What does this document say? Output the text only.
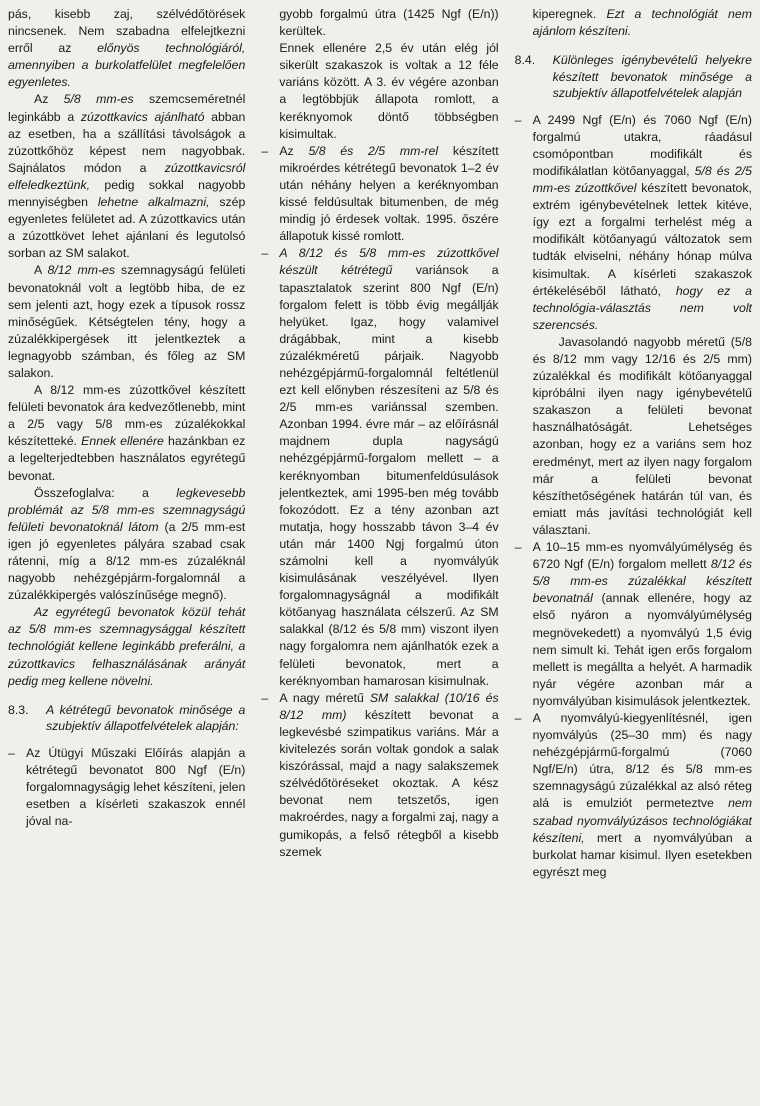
pás, kisebb zaj, szélvédőtörések nincsenek. Nem szabadna elfelejtkezni erről az előnyös technológiáról, amennyiben a burkolatfelület megfelelően egyenletes.

Az 5/8 mm-es szemcseméretnél leginkább a zúzottkavics ajánlható abban az esetben, ha a szállítási távolságok a zúzottkőhöz képest nem nagyobbak. Sajnálatos módon a zúzottkavicsról elfeledkeztünk, pedig sokkal nagyobb mennyiségben lehetne alkalmazni, szép egyenletes felületet ad. A zúzottkavics után a zúzottkövet lehet ajánlani és legutolsó sorban az SM salakot.

A 8/12 mm-es szemnagyságú felületi bevonatoknál volt a legtöbb hiba, de ez sem jelenti azt, hogy ezek a típusok rossz minőségűek. Kétségtelen tény, hogy a zúzalékkipergések itt jelentkeztek a legnagyobb számban, és főleg az SM salakon.

A 8/12 mm-es zúzottkővel készített felületi bevonatok ára kedvezőtlenebb, mint a 2/5 vagy 5/8 mm-es zúzalékokkal készítetteké. Ennek ellenére hazánkban ez a legelterjedtebben használatos egyrétegű bevonat.

Összefoglalva: a legkevesebb problémát az 5/8 mm-es szemnagyságú felületi bevonatoknál látom (a 2/5 mm-est igen jó egyenletes pályára szabad csak rátenni, míg a 8/12 mm-es zúzaléknál nagyobb nehézgépjárm-forgalomnál a zúzalékkipergés valószínűsége megnő).

Az egyrétegű bevonatok közül tehát az 5/8 mm-es szemnagysággal készített technológiát kellene leginkább preferálni, a zúzottkavics felhasználásának arányát pedig meg kellene növelni.

8.3.	A kétrétegű bevonatok minősége a szubjektív állapotfelvételek alapján:
– Az Útügyi Műszaki Előírás alapján a kétrétegű bevonatot 800 Ngf (E/n) forgalomnagyságig lehet készíteni, jelen esetben a kísérleti szakaszok ennél jóval na-
gyobb forgalmú útra (1425 Ngf (E/n)) kerültek.
Ennek ellenére 2,5 év után elég jól sikerült szakaszok is voltak a 12 féle variáns között. A 3. év végére azonban a legtöbbjük állapota romlott, a keréknyomok döntő többségben kisimultak.
– Az 5/8 és 2/5 mm-rel készített mikroérdes kétrétegű bevonatok 1–2 év után néhány helyen a keréknyomban kissé feldúsultak bitumenben, de még mindig jó érdesek voltak. 1995. őszére állapotuk kissé romlott.
– A 8/12 és 5/8 mm-es zúzottkővel készült kétrétegű variánsok a tapasztalatok szerint 800 Ngf (E/n) forgalom felett is több évig megállják helyüket. Igaz, hogy valamivel drágábbak, mint a kisebb zúzalékméretű párjaik. Nagyobb nehézgépjármű-forgalomnál feltétlenül ezt kell előnyben részesíteni az 5/8 és 2/5 mm-es variánssal szemben. Azonban 1994. évre már – az előírásnál majdnem dupla nagyságú nehézgépjármű-forgalom mellett – a keréknyomban bitumenfeldúsulások jelentkeztek, ami 1995-ben még tovább fokozódott. Ez a tény azonban azt mutatja, hogy hosszabb távon 3–4 év után már 1400 Ngj forgalmú úton számolni kell a nyomvályúk kisimulásának veszélyével. Ilyen forgalomnagyságnál a modifikált kötőanyag használata célszerű. Az SM salakkal (8/12 és 5/8 mm) viszont ilyen nagy forgalomra nem ajánlhatók ezek a felületi bevonatok, mert a keréknyomban hamarosan kisimulnak.
– A nagy méretű SM salakkal (10/16 és 8/12 mm) készített bevonat a legkevésbé szimpatikus variáns. Már a kivitelezés során voltak gondok a salak kiszórással, majd a nagy salakszemek szélvédőtöréseket okoztak. A kész bevonat nem tetszetős, igen makroérdes, nagy a forgalmi zaj, nagy a gumikopás, a felső rétegből a kisebb szemek
kiperegnek. Ezt a technológiát nem ajánlom készíteni.
8.4.	Különleges igénybevételű helyekre készített bevonatok minősége a szubjektív állapotfelvételek alapján
– A 2499 Ngf (E/n) és 7060 Ngf (E/n) forgalmú utakra, ráadásul csomópontban modifikált és modifikálatlan kötőanyaggal, 5/8 és 2/5 mm-es zúzottkővel készített bevonatok, extrém igénybevételnek lettek kitéve, így ezt a forgalmi terhelést még a modifikált kötőanyagú változatok sem tudták elviselni, néhány hónap múlva kisimultak. A kísérleti szakaszok értékeléséből látható, hogy ez a technológia-választás nem volt szerencsés.

Javasolandó nagyobb méretű (5/8 és 8/12 mm vagy 12/16 és 2/5 mm) zúzalékkal és modifikált kötőanyaggal kipróbálni ilyen nagy igénybevételű szakaszon a felületi bevonat használhatóságát. Lehetséges azonban, hogy ez a variáns sem hoz eredményt, mert az ilyen nagy forgalom már a felületi bevonat készíthetőségének határán túl van, és emiatt más javítási technológiát kell választani.

– A 10–15 mm-es nyomvályúmélység és 6720 Ngf (E/n) forgalom mellett 8/12 és 5/8 mm-es zúzalékkal készített bevonatnál (annak ellenére, hogy az első nyáron a nyomvályúmélység megnövekedett) a nyomvályú 1,5 évig nem simult ki. Tehát igen erős forgalom mellett is megállta a helyét. A harmadik nyár végére azonban már a nyomvályúban kisimulások jelentkeztek.
– A nyomvályú-kiegyenlítésnél, igen nyomvályús (25–30 mm) és nagy nehézgépjármű-forgalmú (7060 Ngf/E/n) útra, 8/12 és 5/8 mm-es szemnagyságú zúzalékkal az alsó réteg alá is emulziót permeteztve nem szabad nyomvályúzásos technológiákat készíteni, mert a nyomvályúban a burkolat hamar kisimul. Ilyen esetekben egyrészt meg
